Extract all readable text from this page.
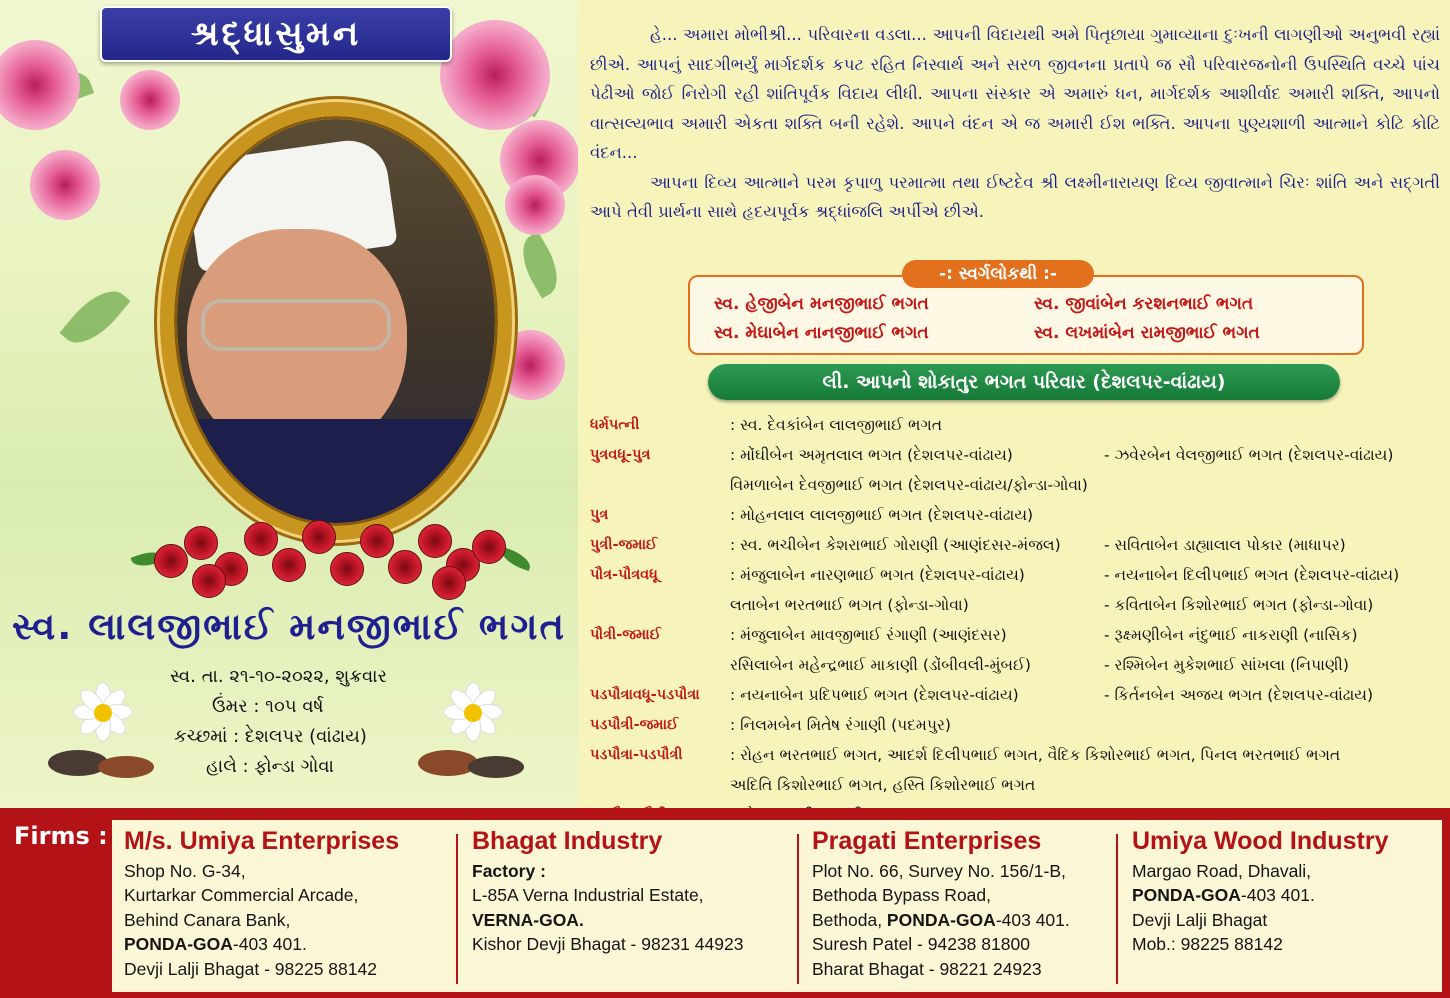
શ્રદ્ધાસુમન
સ્વ. લાલજીભાઈ મનજીભાઈ ભગત
સ્વ. તા. ૨૧-૧૦-૨૦૨૨, શુક્રવાર
ઉંમર : ૧૦૫ વર્ષ
કચ્છમાં : દેશલપર (વાંઢાય)
હાલે : ફોન્ડા ગોવા

હે... અમારા મોભીશ્રી... પરિવારના વડલા... આપની વિદાયથી અમે પિતૃછાયા ગુમાવ્યાના દુઃખની લાગણીઓ અનુભવી રહ્યાં છીએ. આપનું સાદગીભર્યું માર્ગદર્શક કપટ રહિત નિસ્વાર્થ અને સરળ જીવનના પ્રતાપે જ સૌ પરિવારજનોની ઉપસ્થિતિ વચ્ચે પાંચ પેઢીઓ જોઈ નિરોગી રહી શાંતિપૂર્વક વિદાય લીધી. આપના સંસ્કાર એ અમારું ધન, માર્ગદર્શક આશીર્વાદ અમારી શક્તિ, આપનો વાત્સલ્યભાવ અમારી એકતા શક્તિ બની રહેશે. આપને વંદન એ જ અમારી ઈશ ભક્તિ. આપના પુણ્યશાળી આત્માને કોટિ કોટિ વંદન...

આપના દિવ્ય આત્માને પરમ કૃપાળુ પરમાત્મા તથા ઈષ્ટદેવ શ્રી લક્ષ્મીનારાયણ દિવ્ય જીવાત્માને ચિરઃ શાંતિ અને સદ્‌ગતી આપે તેવી પ્રાર્થના સાથે હૃદયપૂર્વક શ્રદ્ધાંજલિ અર્પીએ છીએ.

-: સ્વર્ગલોકથી :-
સ્વ. હેજીબેન મનજીભાઈ ભગત	સ્વ. જીવાંબેન કરશનભાઈ ભગત
સ્વ. મેઘાબેન નાનજીભાઈ ભગત	સ્વ. લખમાંબેન રામજીભાઈ ભગત
લી. આપનો શોકાતુર ભગત પરિવાર (દેશલપર-વાંઢાય)
ધર્મપત્ની	: સ્વ. દેવકાંબેન લાલજીભાઈ ભગત
પુત્રવધૂ-પુત્ર	: મોંઘીબેન અમૃતલાલ ભગત (દેશલપર-વાંઢાય)	- ઝવેરબેન વેલજીભાઈ ભગત (દેશલપર-વાંઢાય)
વિમળાબેન દેવજીભાઈ ભગત (દેશલપર-વાંઢાય/ફોન્ડા-ગોવા)
પુત્ર	: મોહનલાલ લાલજીભાઈ ભગત (દેશલપર-વાંઢાય)
પુત્રી-જમાઈ	: સ્વ. ભચીબેન કેશરાભાઈ ગોરાણી (આણંદસર-મંજલ)	- સવિતાબેન ડાહ્યાલાલ પોકાર (માધાપર)
પૌત્ર-પૌત્રવધૂ	: મંજુલાબેન નારણભાઈ ભગત (દેશલપર-વાંઢાય)	- નયનાબેન દિલીપભાઈ ભગત (દેશલપર-વાંઢાય)
લતાબેન ભરતભાઈ ભગત (ફોન્ડા-ગોવા)	- કવિતાબેન કિશોરભાઈ ભગત (ફોન્ડા-ગોવા)
પૌત્રી-જમાઈ	: મંજુલાબેન માવજીભાઈ રંગાણી (આણંદસર)	- રૂક્ષ્મણીબેન નંદુભાઈ નાકરાણી (નાસિક)
રસિલાબેન મહેન્દ્રભાઈ માકાણી (ડોંબીવલી-મુંબઈ)	- રશ્મિબેન મુકેશભાઈ સાંખલા (નિપાણી)
પડપૌત્રાવધૂ-પડપૌત્રા	: નયનાબેન પ્રદિપભાઈ ભગત (દેશલપર-વાંઢાય)	- કિર્તનબેન અજય ભગત (દેશલપર-વાંઢાય)
પડપૌત્રી-જમાઈ	: નિલમબેન મિતેષ રંગાણી (પદમપુર)
પડપૌત્રા-પડપૌત્રી	: રોહન ભરતભાઈ ભગત, આદર્શ દિલીપભાઈ ભગત, વૈદિક કિશોરભાઈ ભગત, પિનલ ભરતભાઈ ભગત
અદિતિ કિશોરભાઈ ભગત, હસ્તિ કિશોરભાઈ ભગત
Firms : M/s. Umiya Enterprises
Shop No. G-34,
Kurtarkar Commercial Arcade,
Behind Canara Bank,
PONDA-GOA-403 401.
Devji Lalji Bhagat - 98225 88142
Bhagat Industry
Factory :
L-85A Verna Industrial Estate,
VERNA-GOA.
Kishor Devji Bhagat - 98231 44923
Pragati Enterprises
Plot No. 66, Survey No. 156/1-B,
Bethoda Bypass Road,
Bethoda, PONDA-GOA-403 401.
Suresh Patel - 94238 81800
Bharat Bhagat - 98221 24923
Umiya Wood Industry
Margao Road, Dhavali,
PONDA-GOA-403 401.
Devji Lalji Bhagat
Mob.: 98225 88142
